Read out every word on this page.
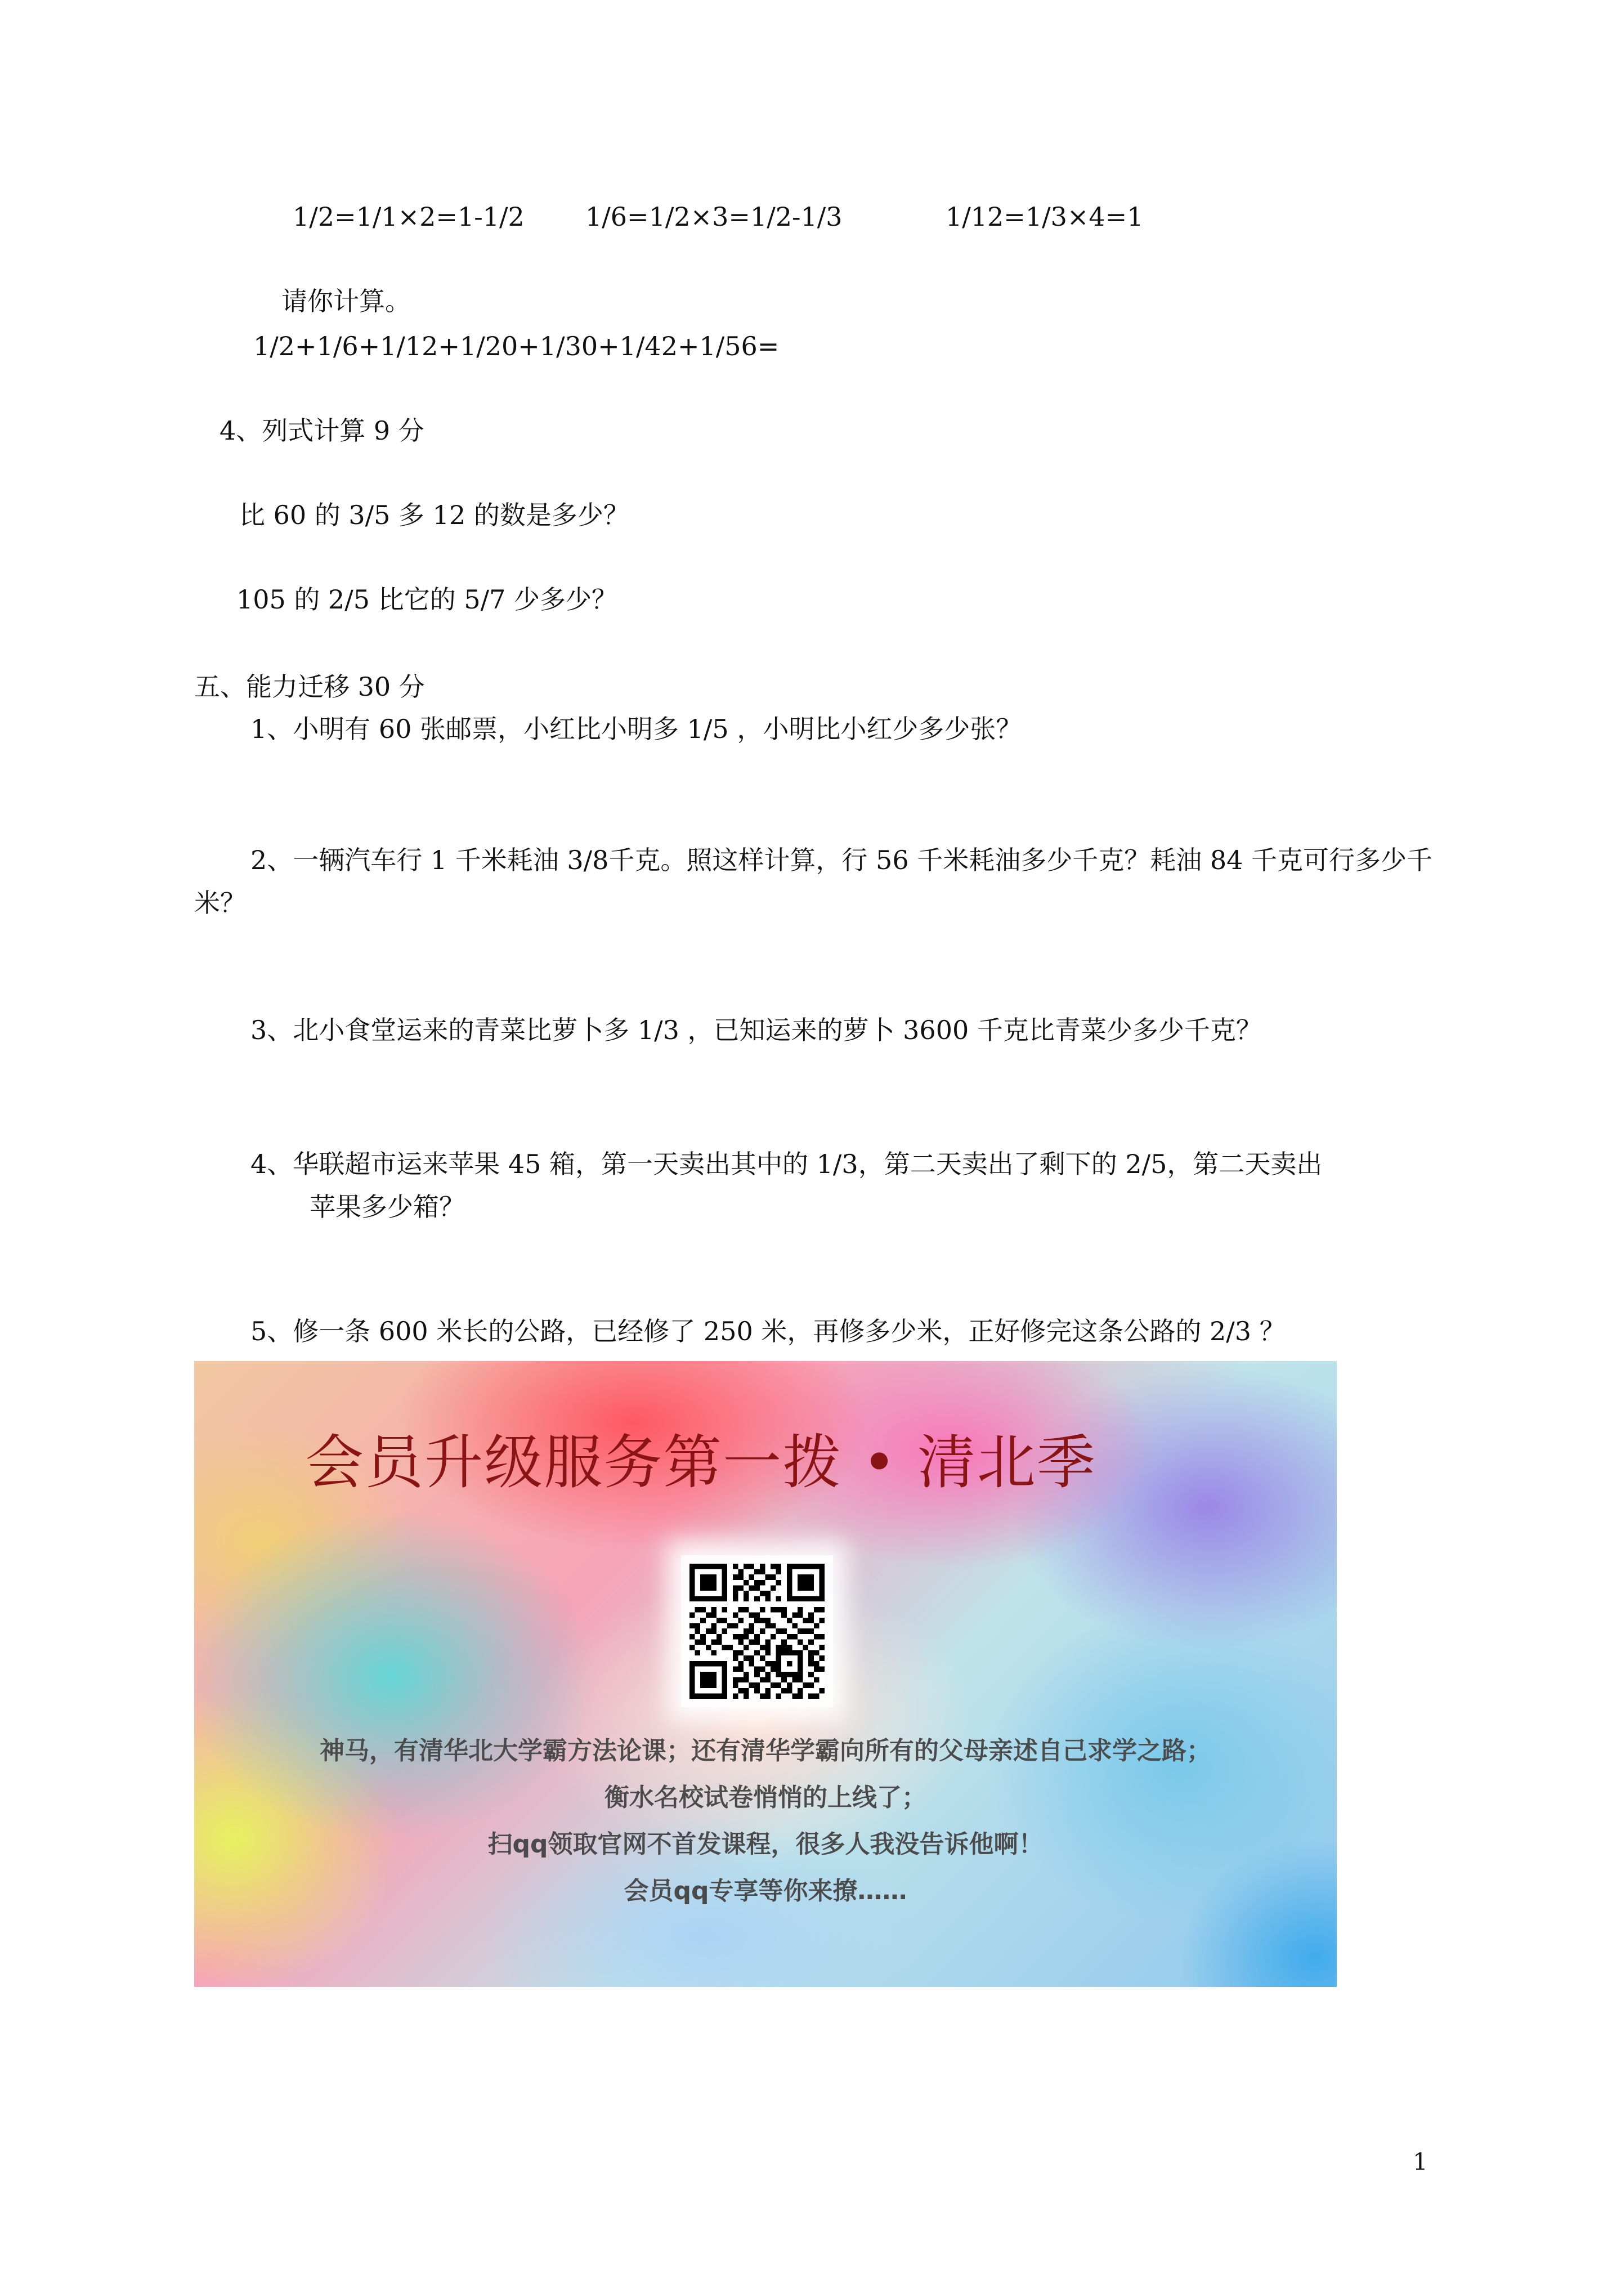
1/2=1/1×2=1-1/2 1/6=1/2×3=1/2-1/3	1/12=1/3×4=1
请你计算。
1/2+1/6+1/12+1/20+1/30+1/42+1/56=
4、列式计算 9 分
比 60 的 3/5 多 12 的数是多少？
105 的 2/5 比它的 5/7 少多少？
五、能力迁移 30 分
1、小明有 60 张邮票，小红比小明多 1/5 ，小明比小红少多少张？
2、一辆汽车行 1 千米耗油 3/8千克。照这样计算，行 56 千米耗油多少千克？耗油 84 千克可行多少千米？
3、北小食堂运来的青菜比萝卜多 1/3 ，已知运来的萝卜 3600 千克比青菜少多少千克？
4、华联超市运来苹果 45 箱，第一天卖出其中的 1/3，第二天卖出了剩下的 2/5，第二天卖出
苹果多少箱？
5、修一条 600 米长的公路，已经修了 250 米，再修多少米，正好修完这条公路的 2/3 ？
会员升级服务第一拨 • 清北季
神马，有清华北大学霸方法论课；还有清华学霸向所有的父母亲述自己求学之路；
衡水名校试卷悄悄的上线了；
扫qq领取官网不首发课程，很多人我没告诉他啊！
会员qq专享等你来撩……
1
